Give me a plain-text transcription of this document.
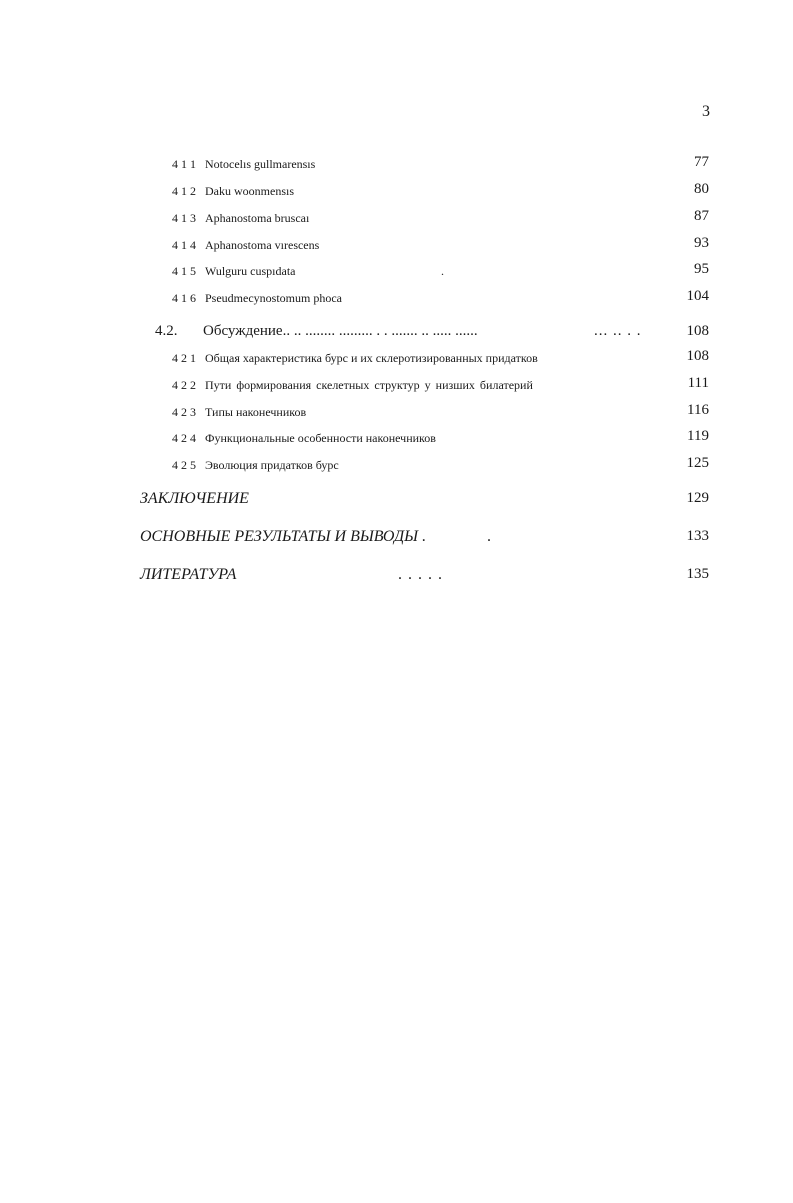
3
4 1 1 Notocelıs gullmarensıs	77
4 1 2 Daku woonmensıs	80
4 1 3 Aphanostoma bruscaı	87
4 1 4 Aphanostoma vırescens	93
4 1 5 Wulguru cuspıdata	.	95
4 1 6 Pseudmecynostomum phoca	104
4.2. Обсуждение.. .. ........ ......... . . ....... .. ..... ......	... .. . .	108
4 2 1 Общая характеристика бурс и их склеротизированных придатков	108
4 2 2 Пути формирования скелетных структур у низших билатерий	111
4 2 3 Типы наконечников	116
4 2 4 Функциональные особенности наконечников	119
4 2 5 Эволюция придатков бурс	125
ЗАКЛЮЧЕНИЕ	129
ОСНОВНЫЕ РЕЗУЛЬТАТЫ И ВЫВОДЫ .	.	133
ЛИТЕРАТУРА	. . . . .	135
